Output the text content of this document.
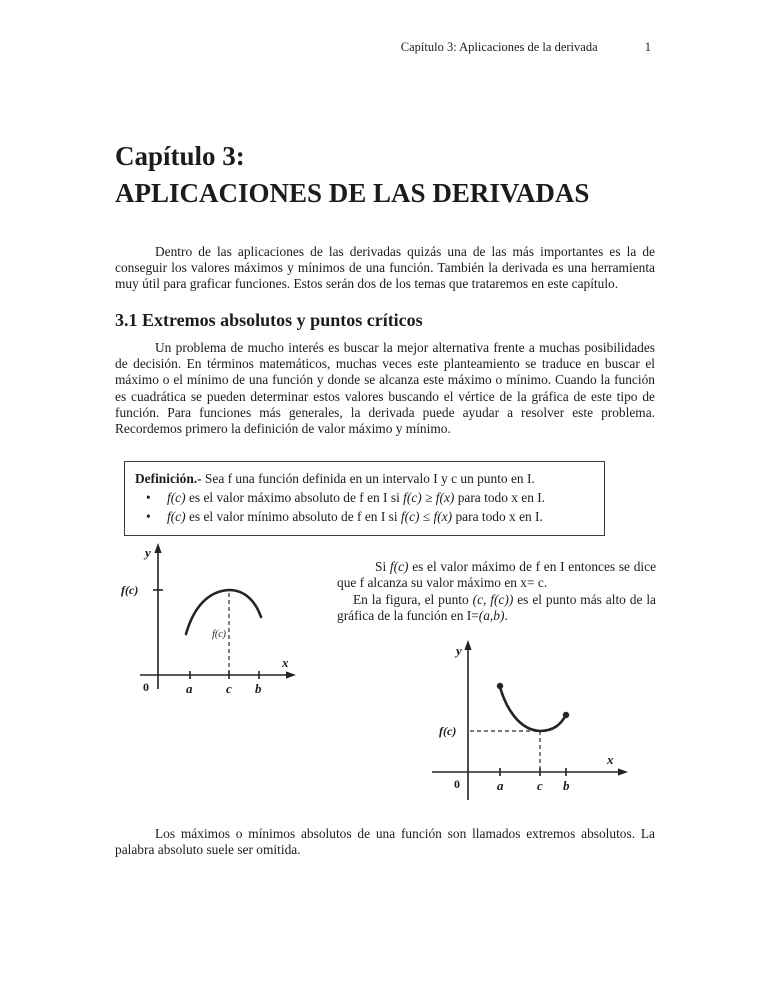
Capítulo 3: Aplicaciones de la derivada	1
Capítulo 3:
APLICACIONES DE LAS DERIVADAS

Dentro de las aplicaciones de las derivadas quizás una de las más importantes es la de conseguir los valores máximos y mínimos de una función. También la derivada es una herramienta muy útil para graficar funciones. Estos serán dos de los temas que trataremos en este capítulo.

3.1 Extremos absolutos y puntos críticos

Un problema de mucho interés es buscar la mejor alternativa frente a muchas posibilidades de decisión. En términos matemáticos, muchas veces este planteamiento se traduce en buscar el máximo o el mínimo de una función y donde se alcanza este máximo o mínimo. Cuando la función es cuadrática se pueden determinar estos valores buscando el vértice de la gráfica de este tipo de función. Para funciones más generales, la derivada puede ayudar a resolver este problema. Recordemos primero la definición de valor máximo y mínimo.

Definición.- Sea f una función definida en un intervalo I y c un punto en I.

•	f(c) es el valor máximo absoluto de f en I si f(c) ≥ f(x) para todo x en I.
•	f(c) es el valor mínimo absoluto de f en I si f(c) ≤ f(x) para todo x en I.
y
x
f(c)
f(c)
0	a	c b

Si f(c) es el valor máximo de f en I entonces se dice que f alcanza su valor máximo en x= c.

En la figura, el punto (c, f(c)) es el punto más alto de la gráfica de la función en I=(a,b).

y
x
f(c)
0	a	c b

Los máximos o mínimos absolutos de una función son llamados extremos absolutos. La palabra absoluto suele ser omitida.
